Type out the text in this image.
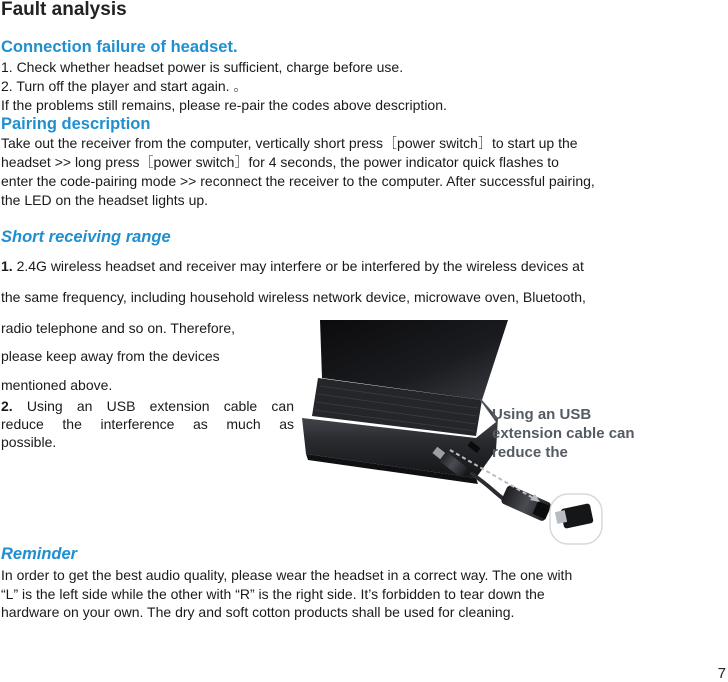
Fault analysis
Connection failure of headset.
1. Check whether headset power is sufficient, charge before use.
2. Turn off the player and start again. 。
If the problems still remains, please re-pair the codes above description.
Pairing description
Take out the receiver from the computer, vertically short press［power switch］to start up the
headset >> long press［power switch］for 4 seconds, the power indicator quick flashes to
enter the code-pairing mode >> reconnect the receiver to the computer. After successful pairing,
the LED on the headset lights up.
Short receiving range
1. 2.4G wireless headset and receiver may interfere or be interfered by the wireless devices at
the same frequency, including household wireless network device, microwave oven, Bluetooth,
radio telephone and so on. Therefore,
please keep away from the devices
mentioned above.
2. Using an USB extension cable can
reduce the interference as much as
possible.
Using an USB extension cable can reduce the
Reminder
In order to get the best audio quality, please wear the headset in a correct way. The one with
“L” is the left side while the other with “R” is the right side. It’s forbidden to tear down the
hardware on your own. The dry and soft cotton products shall be used for cleaning.
7
